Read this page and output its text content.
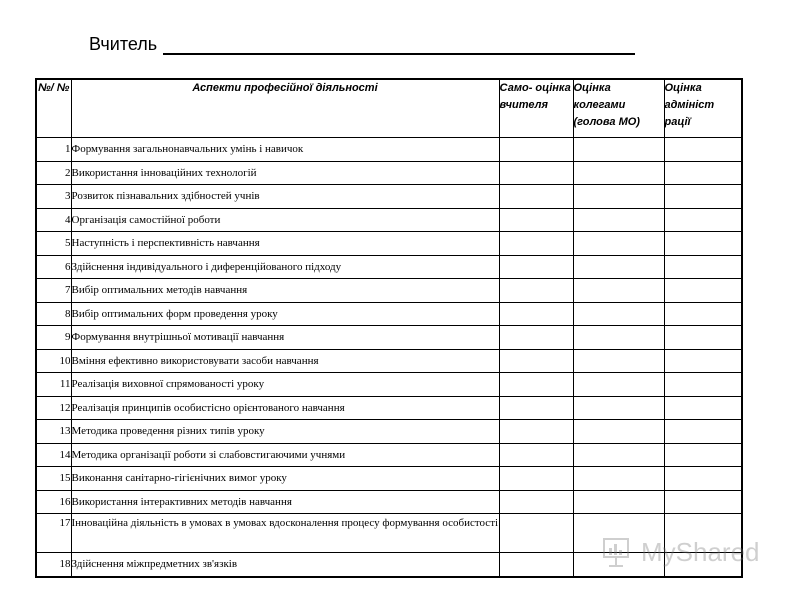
Вчитель
№/ №	Аспекти професійної діяльності	Само- оцінка вчителя	Оцінка колегами (голова МО)	Оцінка адмініст рації
1	Формування загальнонавчальних умінь і навичок			
2	Використання інноваційних технологій			
3	Розвиток пізнавальних здібностей учнів			
4	Організація самостійної роботи			
5	Наступність і перспективність навчання			
6	Здійснення індивідуального і диференційованого підходу			
7	Вибір оптимальних методів навчання			
8	Вибір оптимальних форм проведення уроку			
9	Формування внутрішньої мотивації навчання			
10	Вміння ефективно використовувати засоби навчання			
11	Реалізація виховної спрямованості уроку			
12	Реалізація принципів особистісно орієнтованого навчання			
13	Методика проведення різних типів уроку			
14	Методика організації роботи зі слабовстигаючими учнями			
15	Виконання санітарно-гігієнічних вимог уроку			
16	Використання інтерактивних методів навчання			
17	Інноваційна діяльність в умовах в умовах вдосконалення процесу формування особистості			
18	Здійснення міжпредметних зв'язків				MyShared
